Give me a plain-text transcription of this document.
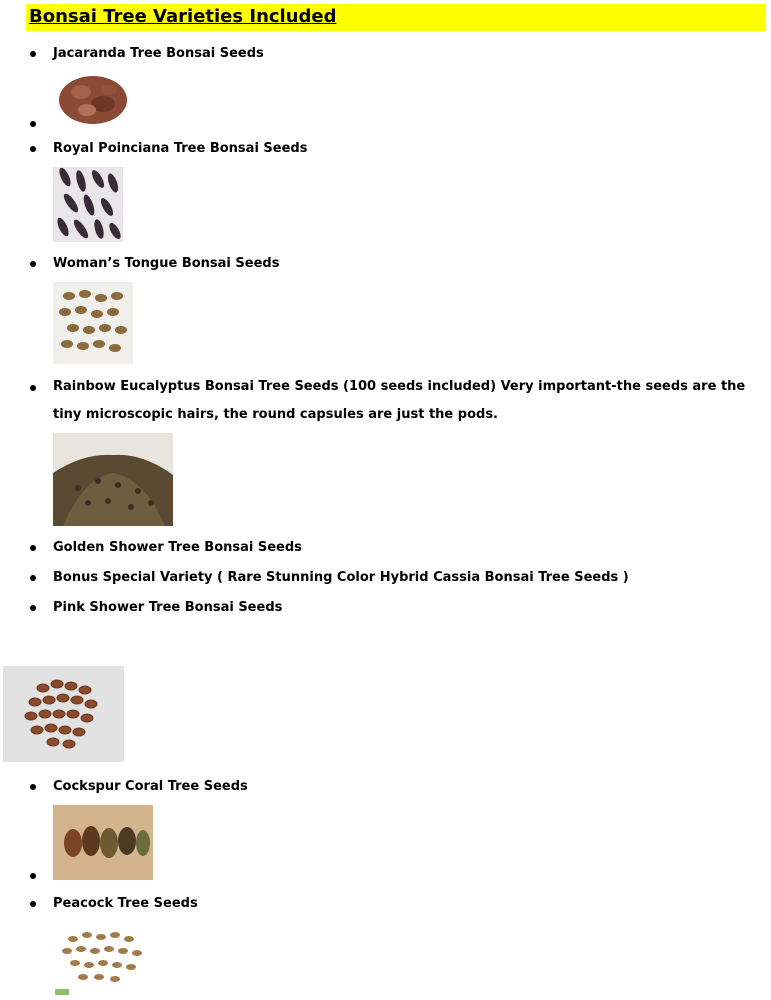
Bonsai Tree Varieties Included
Jacaranda Tree Bonsai Seeds
Royal Poinciana Tree Bonsai Seeds
Woman’s Tongue Bonsai Seeds
Rainbow Eucalyptus Bonsai Tree Seeds (100 seeds included) Very important-the seeds are the tiny microscopic hairs, the round capsules are just the pods.
Golden Shower Tree Bonsai Seeds
Bonus Special Variety ( Rare Stunning Color Hybrid Cassia Bonsai Tree Seeds )
Pink Shower Tree Bonsai Seeds
Cockspur Coral Tree Seeds
Peacock Tree Seeds
